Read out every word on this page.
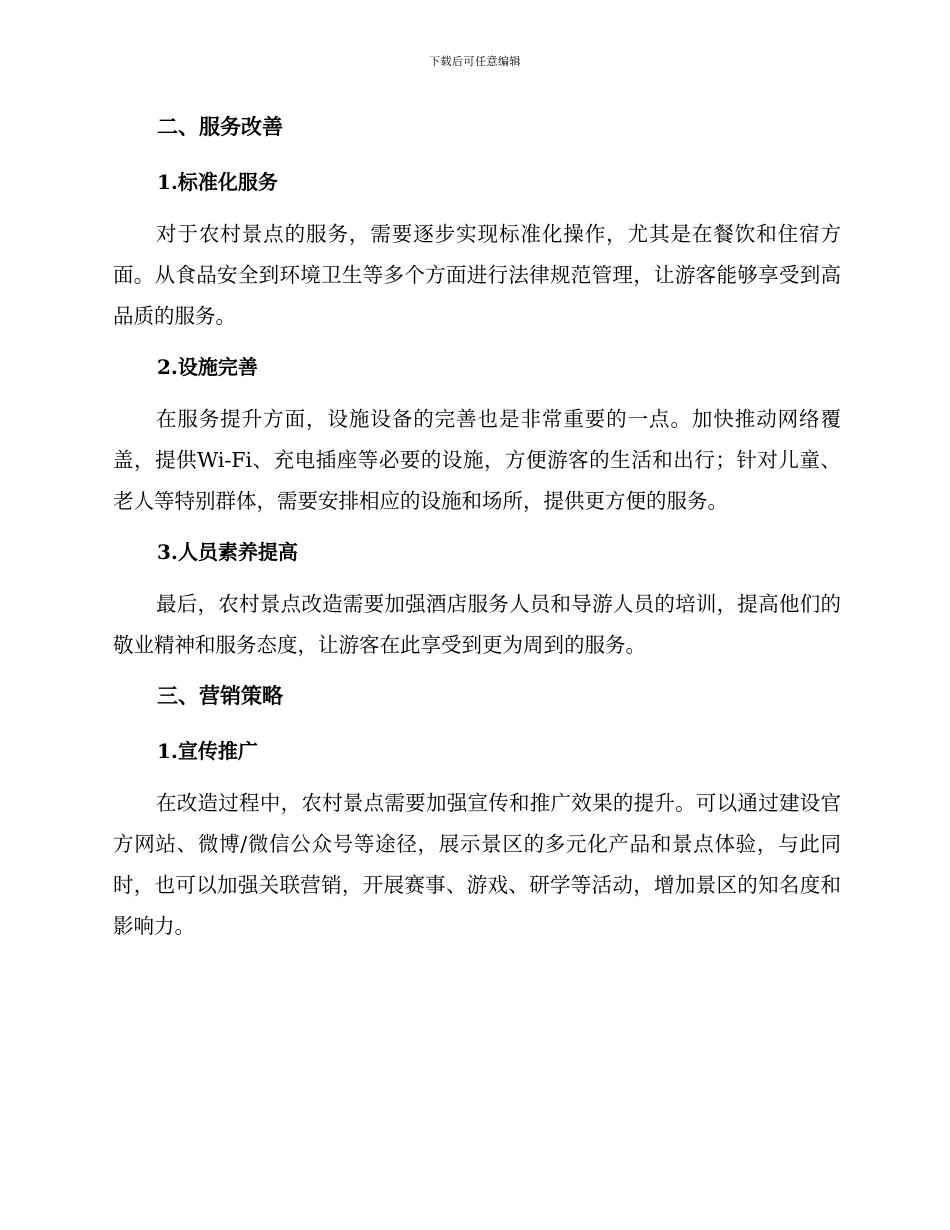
下载后可任意编辑
二、服务改善
1.标准化服务

对于农村景点的服务，需要逐步实现标准化操作，尤其是在餐饮和住宿方面。从食品安全到环境卫生等多个方面进行法律规范管理，让游客能够享受到高品质的服务。

2.设施完善

在服务提升方面，设施设备的完善也是非常重要的一点。加快推动网络覆盖，提供Wi-Fi、充电插座等必要的设施，方便游客的生活和出行；针对儿童、老人等特别群体，需要安排相应的设施和场所，提供更方便的服务。

3.人员素养提高

最后，农村景点改造需要加强酒店服务人员和导游人员的培训，提高他们的敬业精神和服务态度，让游客在此享受到更为周到的服务。

三、营销策略
1.宣传推广

在改造过程中，农村景点需要加强宣传和推广效果的提升。可以通过建设官方网站、微博/微信公众号等途径，展示景区的多元化产品和景点体验，与此同时，也可以加强关联营销，开展赛事、游戏、研学等活动，增加景区的知名度和影响力。
